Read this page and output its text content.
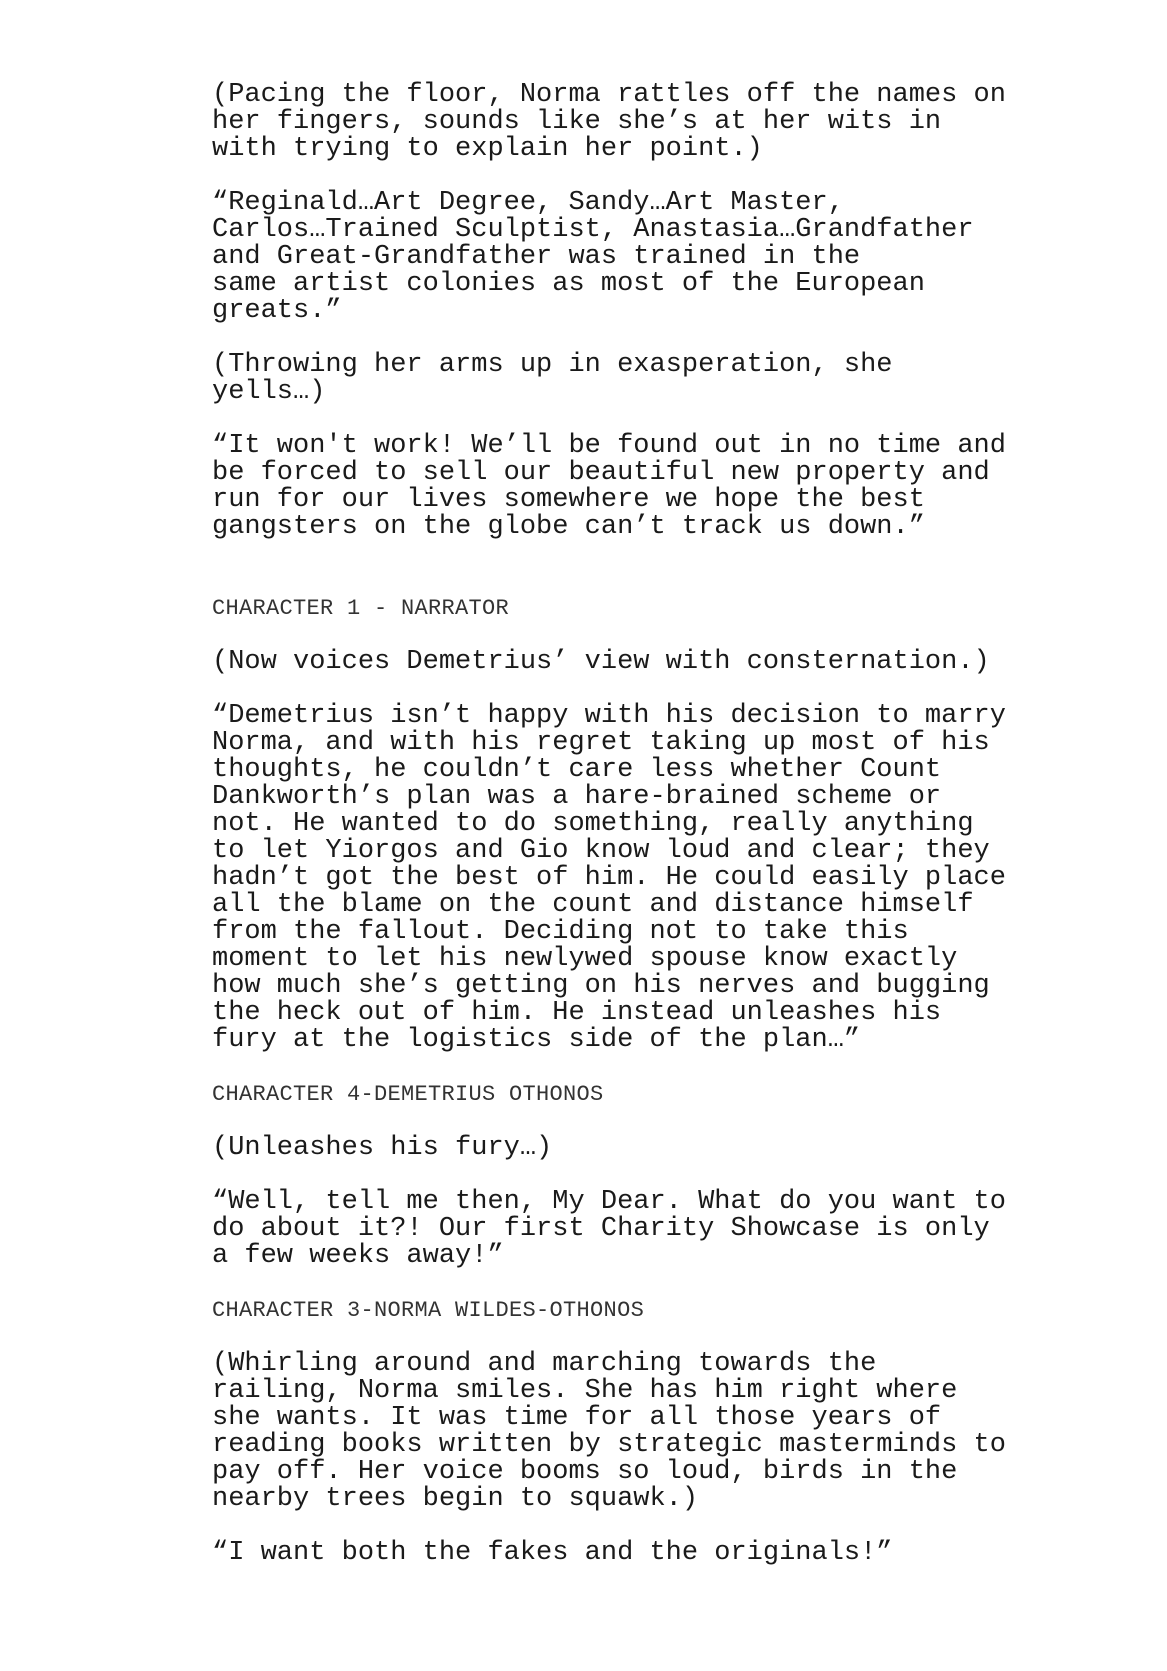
(Pacing the floor, Norma rattles off the names on
her fingers, sounds like she’s at her wits in
with trying to explain her point.)

“Reginald…Art Degree, Sandy…Art Master,
Carlos…Trained Sculptist, Anastasia…Grandfather
and Great-Grandfather was trained in the
same artist colonies as most of the European
greats.”

(Throwing her arms up in exasperation, she
yells…)

“It won't work! We’ll be found out in no time and
be forced to sell our beautiful new property and
run for our lives somewhere we hope the best
gangsters on the globe can’t track us down.”

CHARACTER 1 - NARRATOR

(Now voices Demetrius’ view with consternation.)

“Demetrius isn’t happy with his decision to marry
Norma, and with his regret taking up most of his
thoughts, he couldn’t care less whether Count
Dankworth’s plan was a hare-brained scheme or
not. He wanted to do something, really anything
to let Yiorgos and Gio know loud and clear; they
hadn’t got the best of him. He could easily place
all the blame on the count and distance himself
from the fallout. Deciding not to take this
moment to let his newlywed spouse know exactly
how much she’s getting on his nerves and bugging
the heck out of him. He instead unleashes his
fury at the logistics side of the plan…”

CHARACTER 4-DEMETRIUS OTHONOS

(Unleashes his fury…)

“Well, tell me then, My Dear. What do you want to
do about it?! Our first Charity Showcase is only
a few weeks away!”

CHARACTER 3-NORMA WILDES-OTHONOS

(Whirling around and marching towards the
railing, Norma smiles. She has him right where
she wants. It was time for all those years of
reading books written by strategic masterminds to
pay off. Her voice booms so loud, birds in the
nearby trees begin to squawk.)

“I want both the fakes and the originals!”
